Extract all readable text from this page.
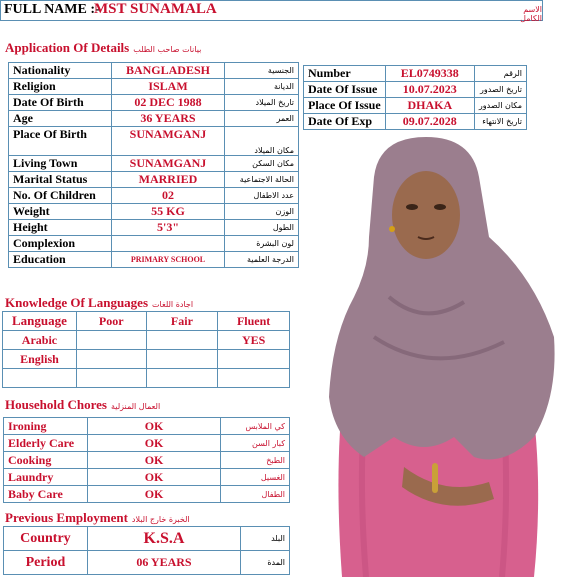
FULL NAME :-
MST SUNAMALA	الاسم الكامل
Application Of Details بيانات صاحب الطلب
Nationality	BANGLADESH	الجنسية
Religion	ISLAM	الديانة
Date Of Birth	02 DEC 1988	تاريخ الميلاد
Age	36 YEARS	العمر
Place Of Birth	SUNAMGANJ	مكان الميلاد
Living Town	SUNAMGANJ	مكان السكن
Marital Status	MARRIED	الحالة الاجتماعية
No. Of Children	02	عدد الاطفال
Weight	55 KG	الوزن
Height	5'3"	الطول
Complexion		لون البشرة
Education	PRIMARY SCHOOL	الدرجة العلمية
Number	EL0749338	الرقم
Date Of Issue	10.07.2023	تاريخ الصدور
Place Of Issue	DHAKA	مكان الصدور
Date Of Exp	09.07.2028	تاريخ الانتهاء
Knowledge Of Languages اجادة اللغات
Language	Poor	Fair	Fluent
Arabic			YES
English			

Household Chores العمال المنزلية
Ironing	OK	كي الملابس
Elderly Care	OK	كبار السن
Cooking	OK	الطبخ
Laundry	OK	الغسيل
Baby Care	OK	الطفال
Previous Employment الخبرة خارج البلاد
Country	K.S.A	البلد
Period	06 YEARS	المدة
